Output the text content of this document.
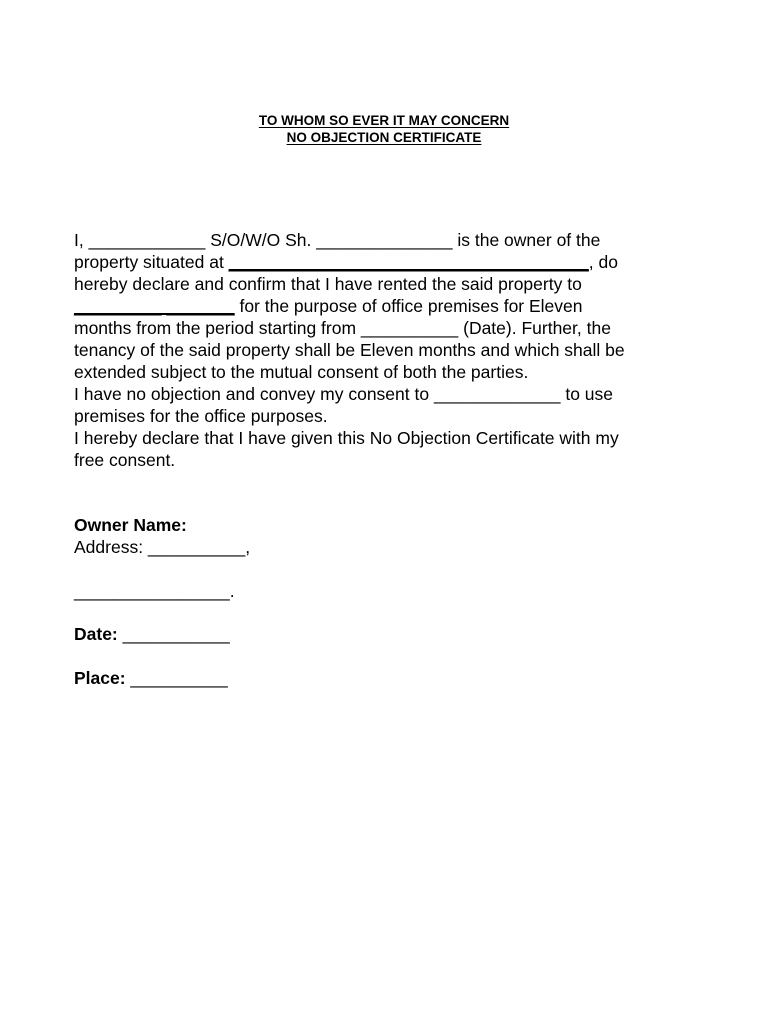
TO WHOM SO EVER IT MAY CONCERN
NO OBJECTION CERTIFICATE
I, ____________ S/O/W/O Sh. ______________ is the owner of the
property situated at _____________________________________, do
hereby declare and confirm that I have rented the said property to
_________ _______ for the purpose of office premises for Eleven
months from the period starting from __________ (Date). Further, the
tenancy of the said property shall be Eleven months and which shall be
extended subject to the mutual consent of both the parties.
I have no objection and convey my consent to _____________ to use
premises for the office purposes.
I hereby declare that I have given this No Objection Certificate with my
free consent.
Owner Name:
Address: __________,
________________.
Date: ___________
Place: __________
